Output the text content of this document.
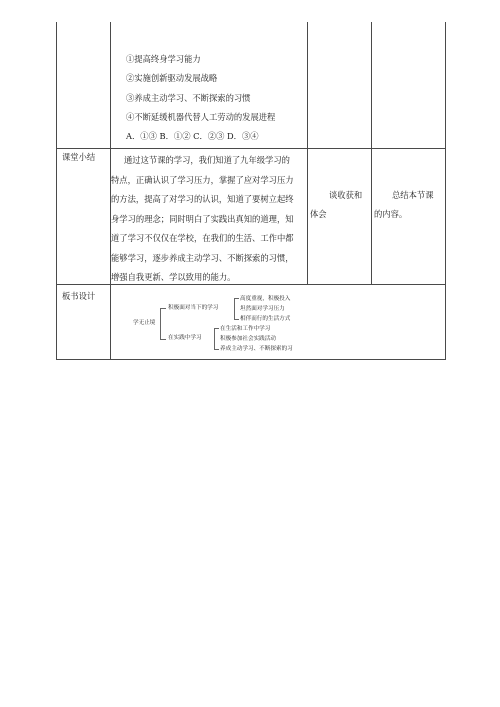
①提高终身学习能力
②实施创新驱动发展战略
③养成主动学习、不断探索的习惯
④不断延缓机器代替人工劳动的发展进程
A．①③ B．①② C．②③ D．③④
课堂小结	通过这节课的学习，我们知道了九年级学习的
特点，正确认识了学习压力，掌握了应对学习压力
的方法，提高了对学习的认识，知道了要树立起终
身学习的理念；同时明白了实践出真知的道理，知
道了学习不仅仅在学校，在我们的生活、工作中都
能够学习，逐步养成主动学习、不断探索的习惯，
增强自我更新、学以致用的能力。
谈收获和
体会
总结本节课
的内容。
板书设计
学无止境
积极面对当下的学习
在实践中学习
高度重视，积极投入
坦然面对学习压力
相伴而行的生活方式
在生活和工作中学习
积极参加社会实践活动
养成主动学习、不断探索的习
